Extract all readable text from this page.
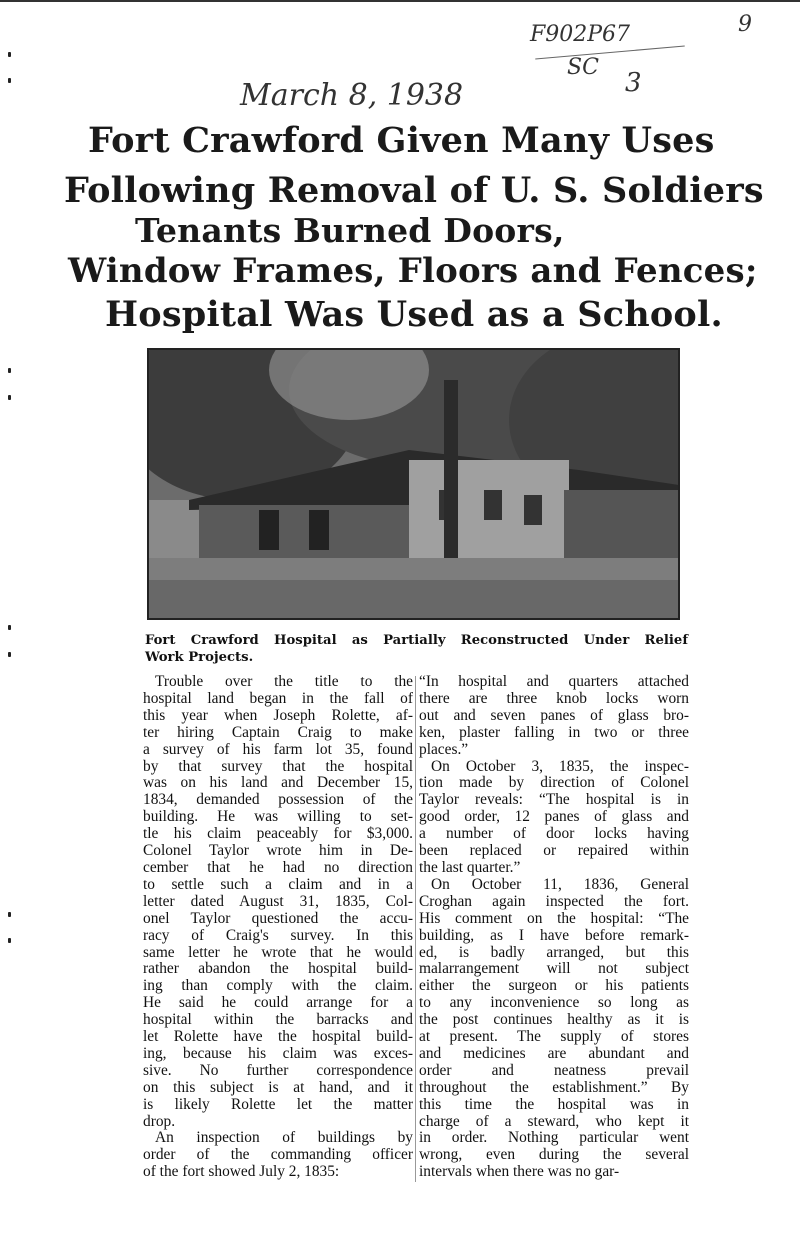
F902P67
SC
9
3
March 8, 1938
Fort Crawford Given Many Uses
Following Removal of U. S. Soldiers
Tenants Burned Doors,
Window Frames, Floors and Fences;
Hospital Was Used as a School.
Fort Crawford Hospital as Partially Reconstructed Under Relief
Work Projects.
Trouble over the title to the
hospital land began in the fall of
this year when Joseph Rolette, af-
ter hiring Captain Craig to make
a survey of his farm lot 35, found
by that survey that the hospital
was on his land and December 15,
1834, demanded possession of the
building. He was willing to set-
tle his claim peaceably for $3,000.
Colonel Taylor wrote him in De-
cember that he had no direction
to settle such a claim and in a
letter dated August 31, 1835, Col-
onel Taylor questioned the accu-
racy of Craig's survey. In this
same letter he wrote that he would
rather abandon the hospital build-
ing than comply with the claim.
He said he could arrange for a
hospital within the barracks and
let Rolette have the hospital build-
ing, because his claim was exces-
sive. No further correspondence
on this subject is at hand, and it
is likely Rolette let the matter
drop.
An inspection of buildings by
order of the commanding officer
of the fort showed July 2, 1835:
“In hospital and quarters attached
there are three knob locks worn
out and seven panes of glass bro-
ken, plaster falling in two or three
places.”
On October 3, 1835, the inspec-
tion made by direction of Colonel
Taylor reveals: “The hospital is in
good order, 12 panes of glass and
a number of door locks having
been replaced or repaired within
the last quarter.”
On October 11, 1836, General
Croghan again inspected the fort.
His comment on the hospital: “The
building, as I have before remark-
ed, is badly arranged, but this
malarrangement will not subject
either the surgeon or his patients
to any inconvenience so long as
the post continues healthy as it is
at present. The supply of stores
and medicines are abundant and
order and neatness prevail
throughout the establishment.” By
this time the hospital was in
charge of a steward, who kept it
in order. Nothing particular went
wrong, even during the several
intervals when there was no gar-
